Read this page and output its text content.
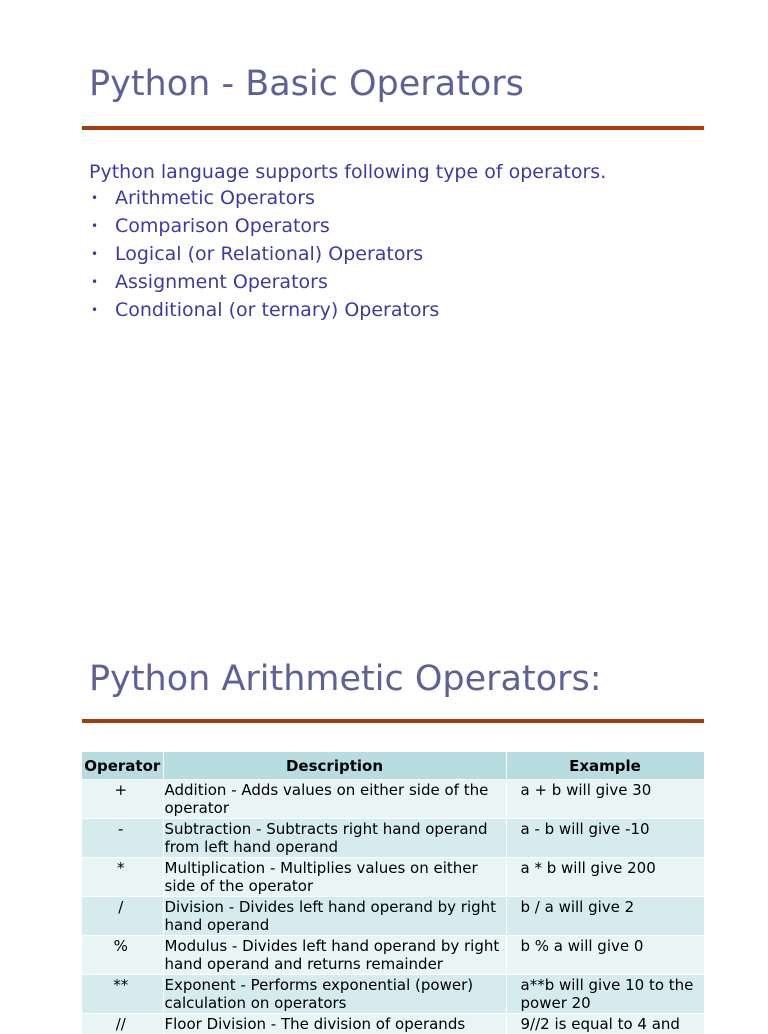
Python - Basic Operators
Python language supports following type of operators.
• Arithmetic Operators
• Comparison Operators
• Logical (or Relational) Operators
• Assignment Operators
• Conditional (or ternary) Operators
Python Arithmetic Operators:
Operator	Description	Example
+	Addition - Adds values on either side of the operator	a + b will give 30
-	Subtraction - Subtracts right hand operand from left hand operand	a - b will give -10
*	Multiplication - Multiplies values on either side of the operator	a * b will give 200
/	Division - Divides left hand operand by right hand operand	b / a will give 2
%	Modulus - Divides left hand operand by right hand operand and returns remainder	b % a will give 0
**	Exponent - Performs exponential (power) calculation on operators	a**b will give 10 to the power 20
//	Floor Division - The division of operands	9//2 is equal to 4 and
